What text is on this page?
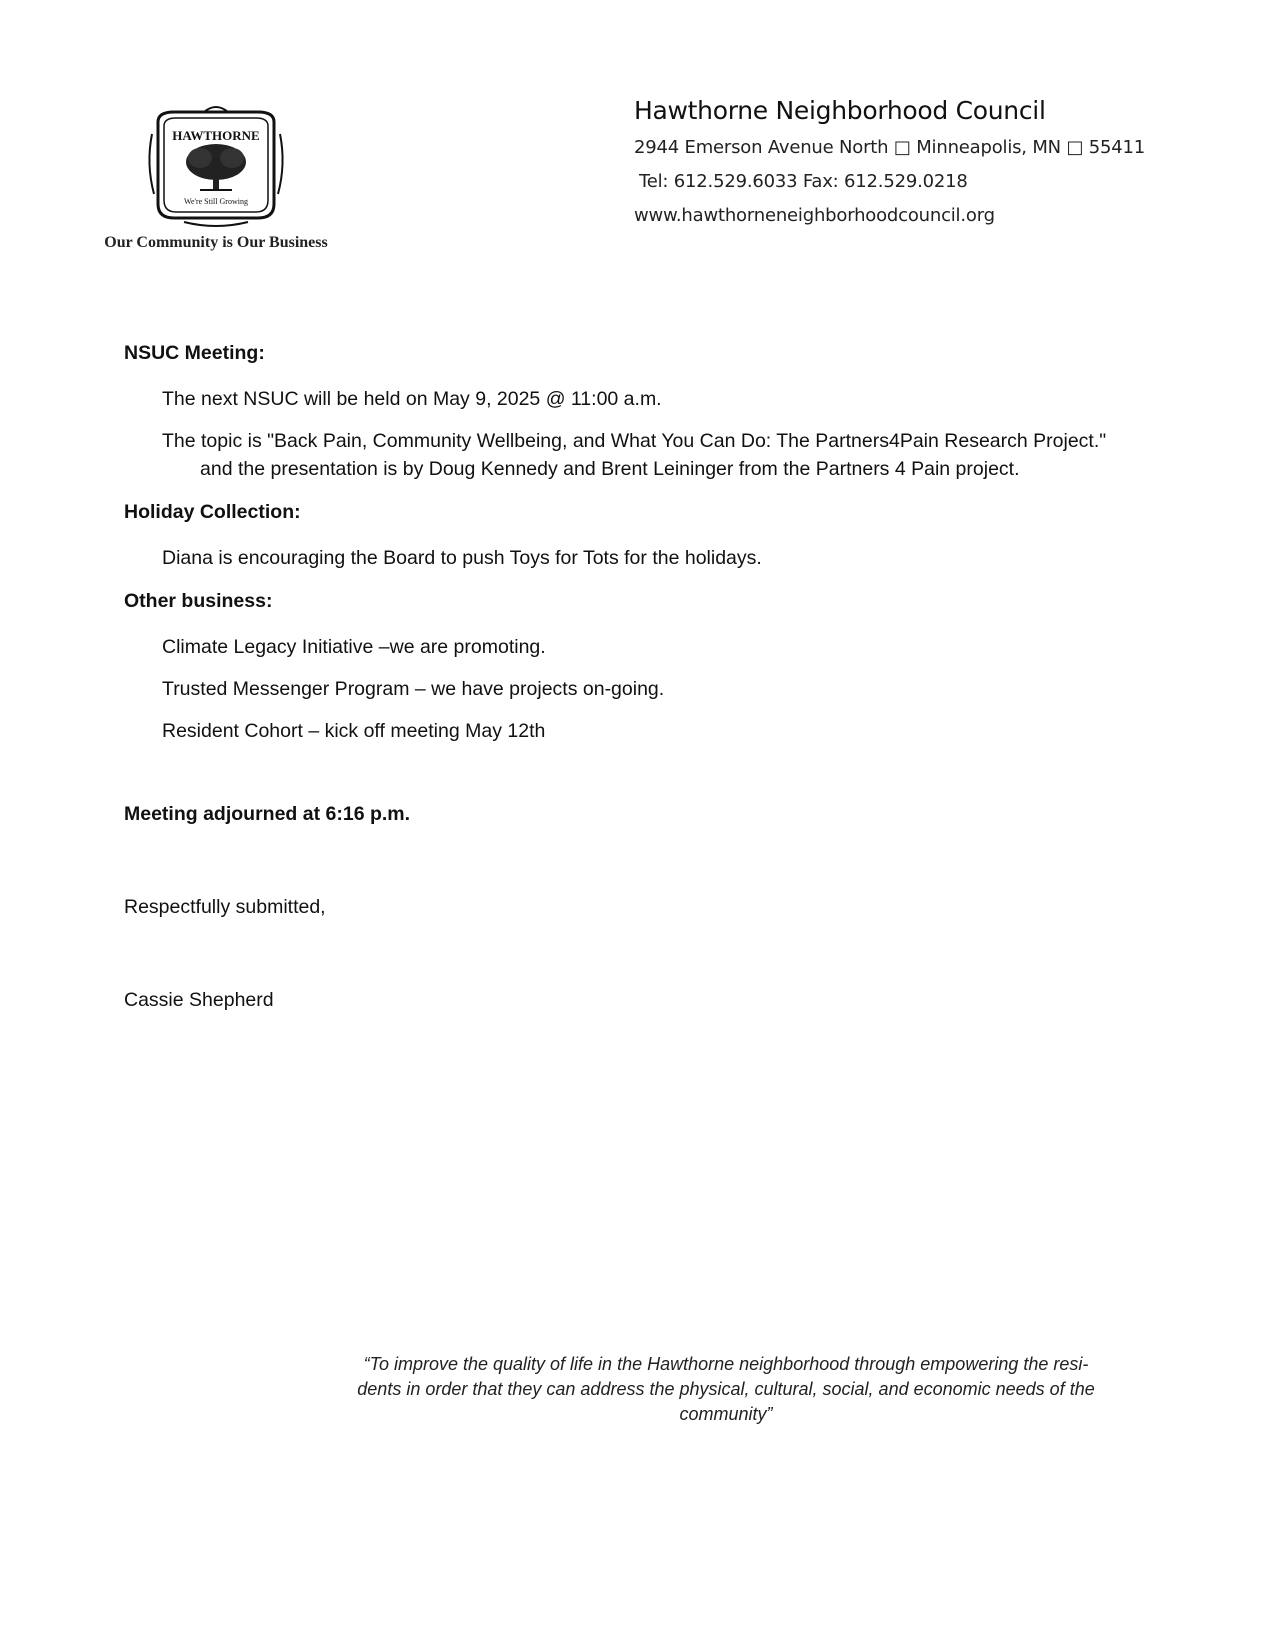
HAWTHORNE
We're Still Growing
Our Community is Our Business
Hawthorne Neighborhood Council
2944 Emerson Avenue North □ Minneapolis, MN □ 55411
Tel: 612.529.6033 Fax: 612.529.0218
www.hawthorneneighborhoodcouncil.org
NSUC Meeting:
The next NSUC will be held on May 9, 2025 @ 11:00 a.m.
The topic is "Back Pain, Community Wellbeing, and What You Can Do: The Partners4Pain Research Project." and the presentation is by Doug Kennedy and Brent Leininger from the Partners 4 Pain project.
Holiday Collection:
Diana is encouraging the Board to push Toys for Tots for the holidays.
Other business:
Climate Legacy Initiative –we are promoting.
Trusted Messenger Program – we have projects on-going.
Resident Cohort – kick off meeting May 12th
Meeting adjourned at 6:16 p.m.
Respectfully submitted,
Cassie Shepherd
“To improve the quality of life in the Hawthorne neighborhood through empowering the resi-
dents in order that they can address the physical, cultural, social, and economic needs of the
community”
